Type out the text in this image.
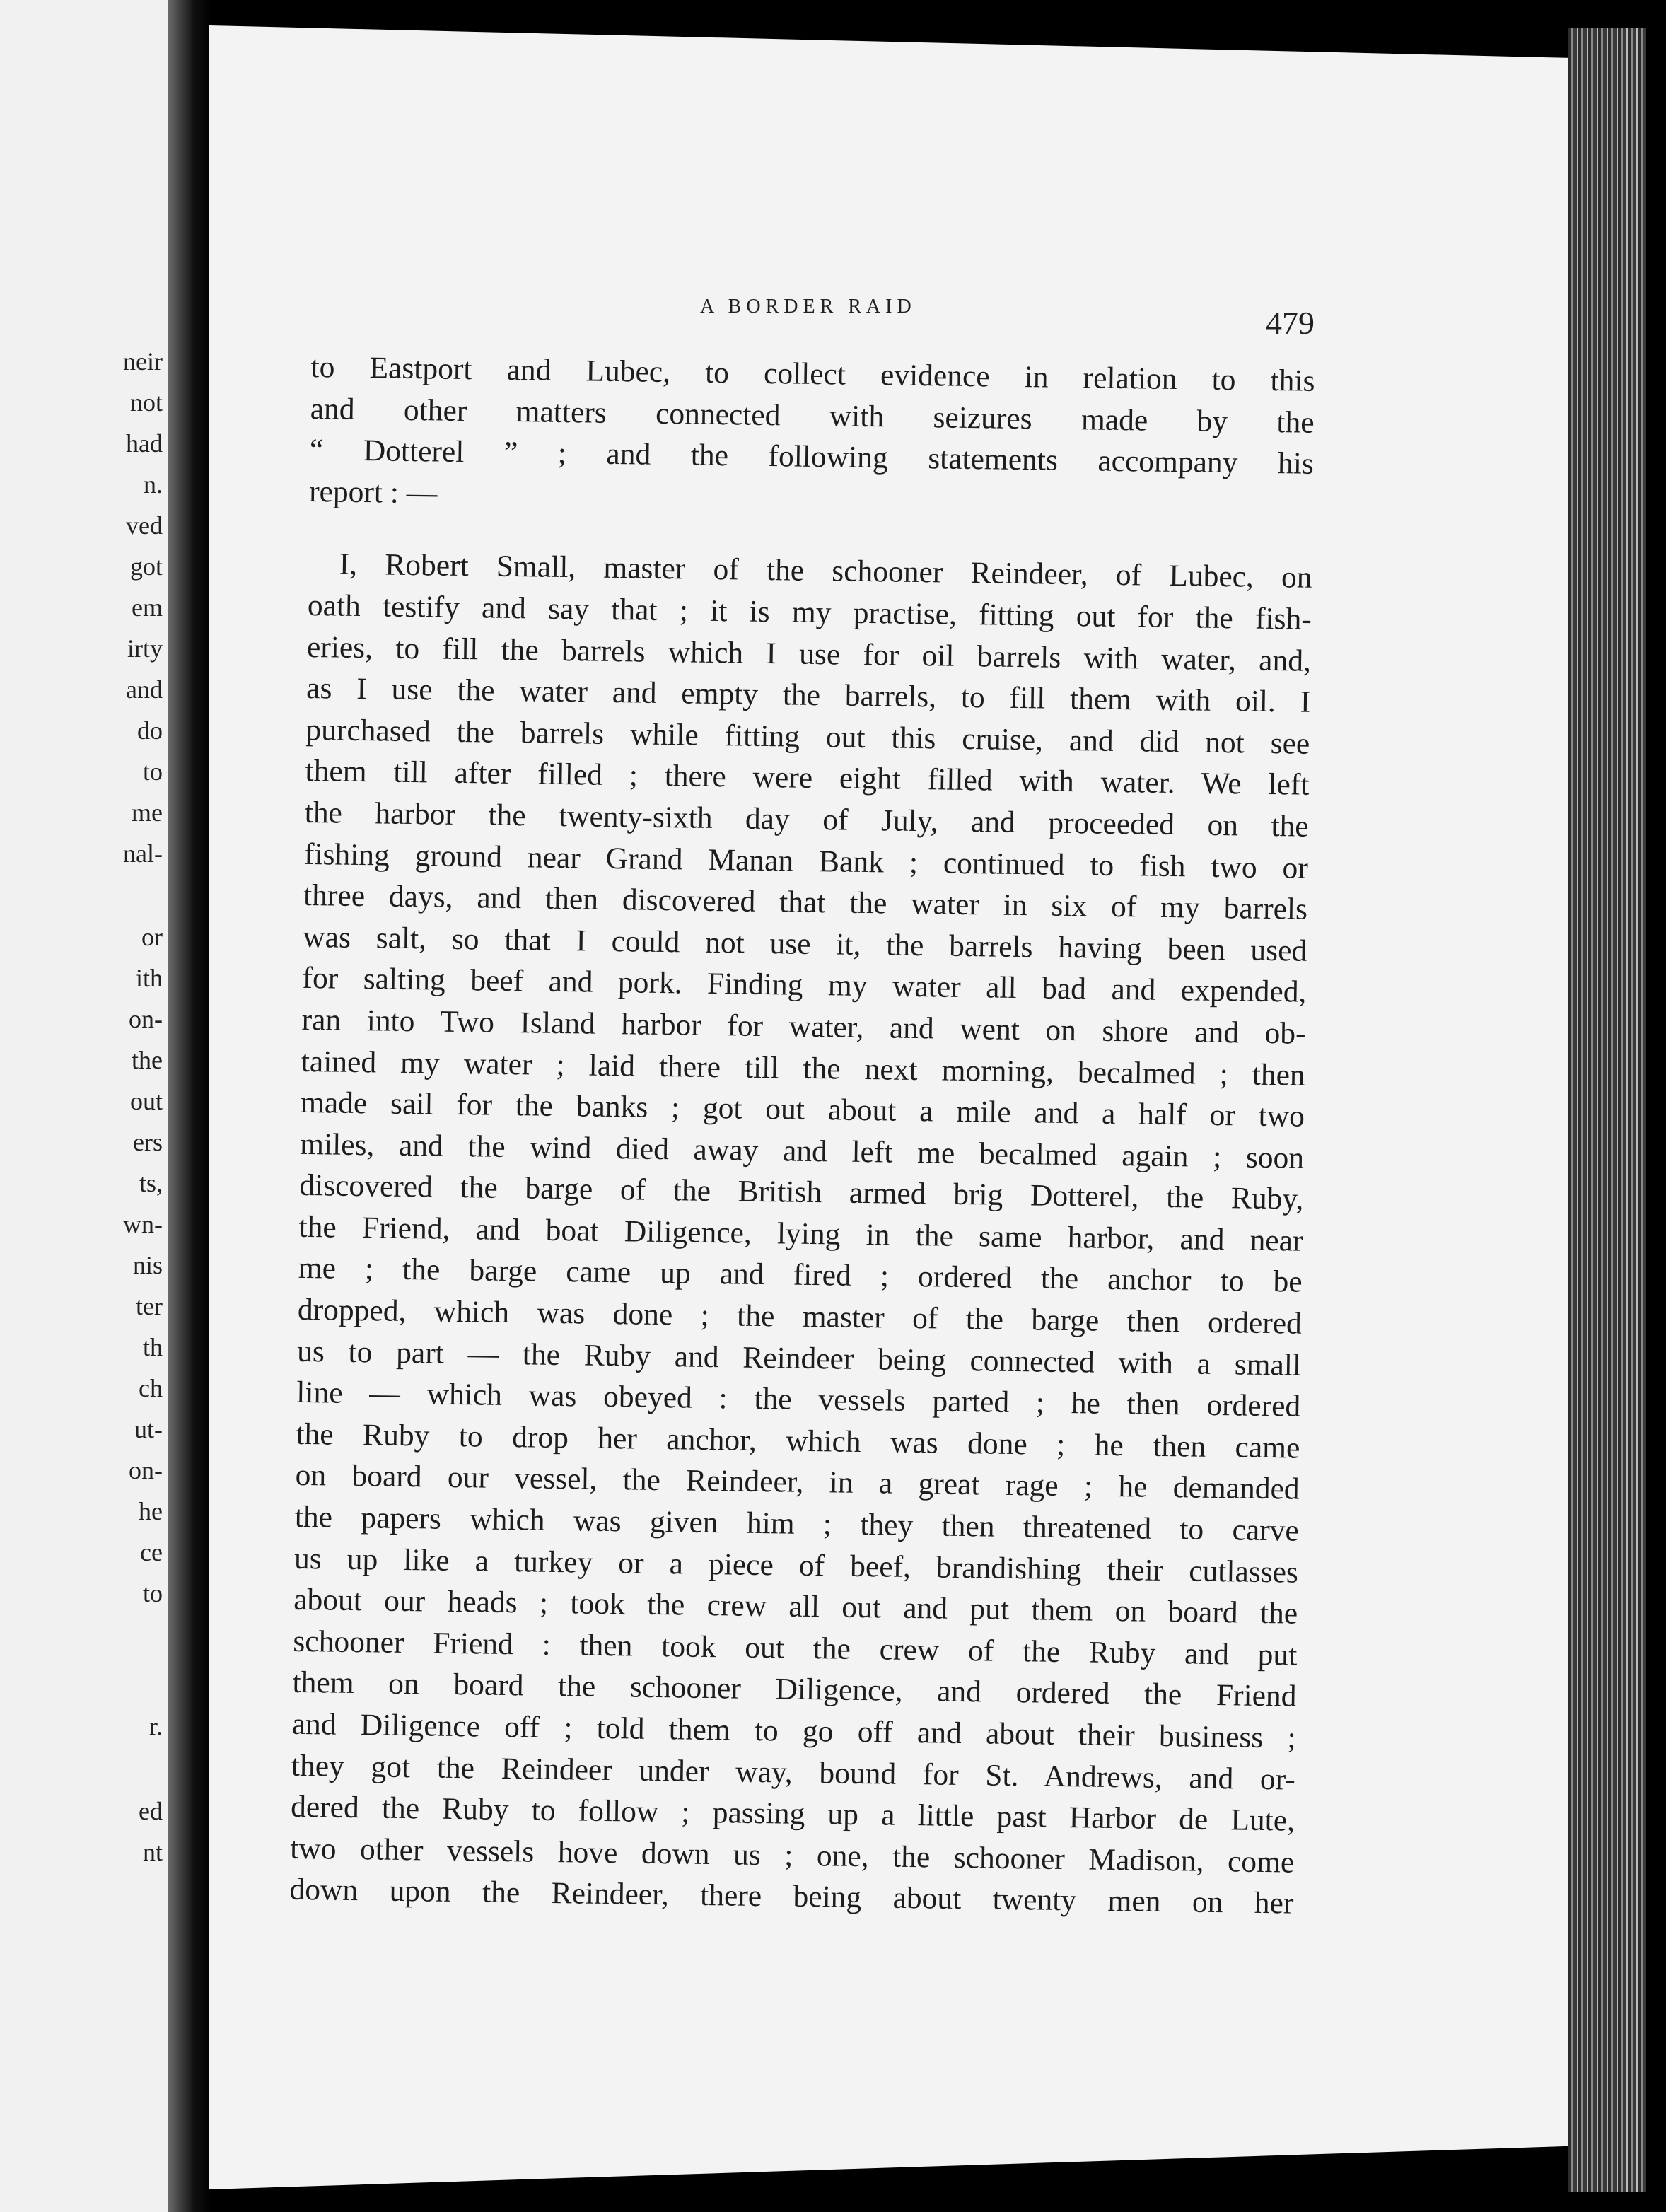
neir
not
had
n.
ved
got
em
irty
and
do
to
me
nal-
or
ith
on-
the
out
ers
ts,
wn-
nis
ter
th
ch
ut-
on-
he
ce
to
r.
ed
nt
A BORDER RAID	479
to Eastport and Lubec, to collect evidence in relation to this
and other matters connected with seizures made by the
“ Dotterel ” ; and the following statements accompany his
report : —
I, Robert Small, master of the schooner Reindeer, of Lubec, on
oath testify and say that ; it is my practise, fitting out for the fish-
eries, to fill the barrels which I use for oil barrels with water, and,
as I use the water and empty the barrels, to fill them with oil. I
purchased the barrels while fitting out this cruise, and did not see
them till after filled ; there were eight filled with water. We left
the harbor the twenty-sixth day of July, and proceeded on the
fishing ground near Grand Manan Bank ; continued to fish two or
three days, and then discovered that the water in six of my barrels
was salt, so that I could not use it, the barrels having been used
for salting beef and pork. Finding my water all bad and expended,
ran into Two Island harbor for water, and went on shore and ob-
tained my water ; laid there till the next morning, becalmed ; then
made sail for the banks ; got out about a mile and a half or two
miles, and the wind died away and left me becalmed again ; soon
discovered the barge of the British armed brig Dotterel, the Ruby,
the Friend, and boat Diligence, lying in the same harbor, and near
me ; the barge came up and fired ; ordered the anchor to be
dropped, which was done ; the master of the barge then ordered
us to part — the Ruby and Reindeer being connected with a small
line — which was obeyed : the vessels parted ; he then ordered
the Ruby to drop her anchor, which was done ; he then came
on board our vessel, the Reindeer, in a great rage ; he demanded
the papers which was given him ; they then threatened to carve
us up like a turkey or a piece of beef, brandishing their cutlasses
about our heads ; took the crew all out and put them on board the
schooner Friend : then took out the crew of the Ruby and put
them on board the schooner Diligence, and ordered the Friend
and Diligence off ; told them to go off and about their business ;
they got the Reindeer under way, bound for St. Andrews, and or-
dered the Ruby to follow ; passing up a little past Harbor de Lute,
two other vessels hove down us ; one, the schooner Madison, come
down upon the Reindeer, there being about twenty men on her
